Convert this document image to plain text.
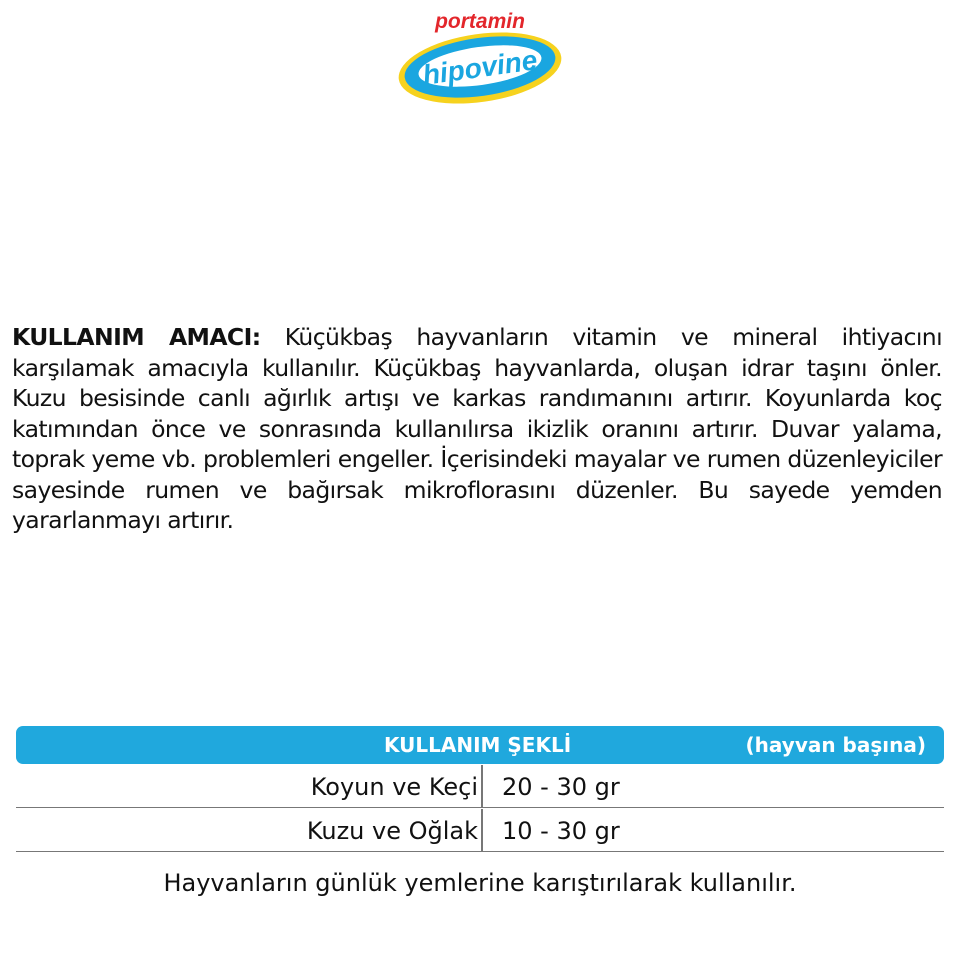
portamin
hipovine
KULLANIM AMACI: Küçükbaş hayvanların vitamin ve mineral ihtiyacını karşılamak amacıyla kullanılır. Küçükbaş hayvanlarda, oluşan idrar taşını önler. Kuzu besisinde canlı ağırlık artışı ve karkas randımanını artırır. Koyunlarda koç katımından önce ve sonrasında kullanılırsa ikizlik oranını artırır. Duvar yalama, toprak yeme vb. problemleri engeller. İçerisindeki mayalar ve rumen düzenleyiciler sayesinde rumen ve bağırsak mikroflorasını düzenler. Bu sayede yemden yararlanmayı artırır.
KULLANIM ŞEKLİ	(hayvan başına)
Koyun ve Keçi 20 - 30 gr
Kuzu ve Oğlak 10 - 30 gr
Hayvanların günlük yemlerine karıştırılarak kullanılır.
